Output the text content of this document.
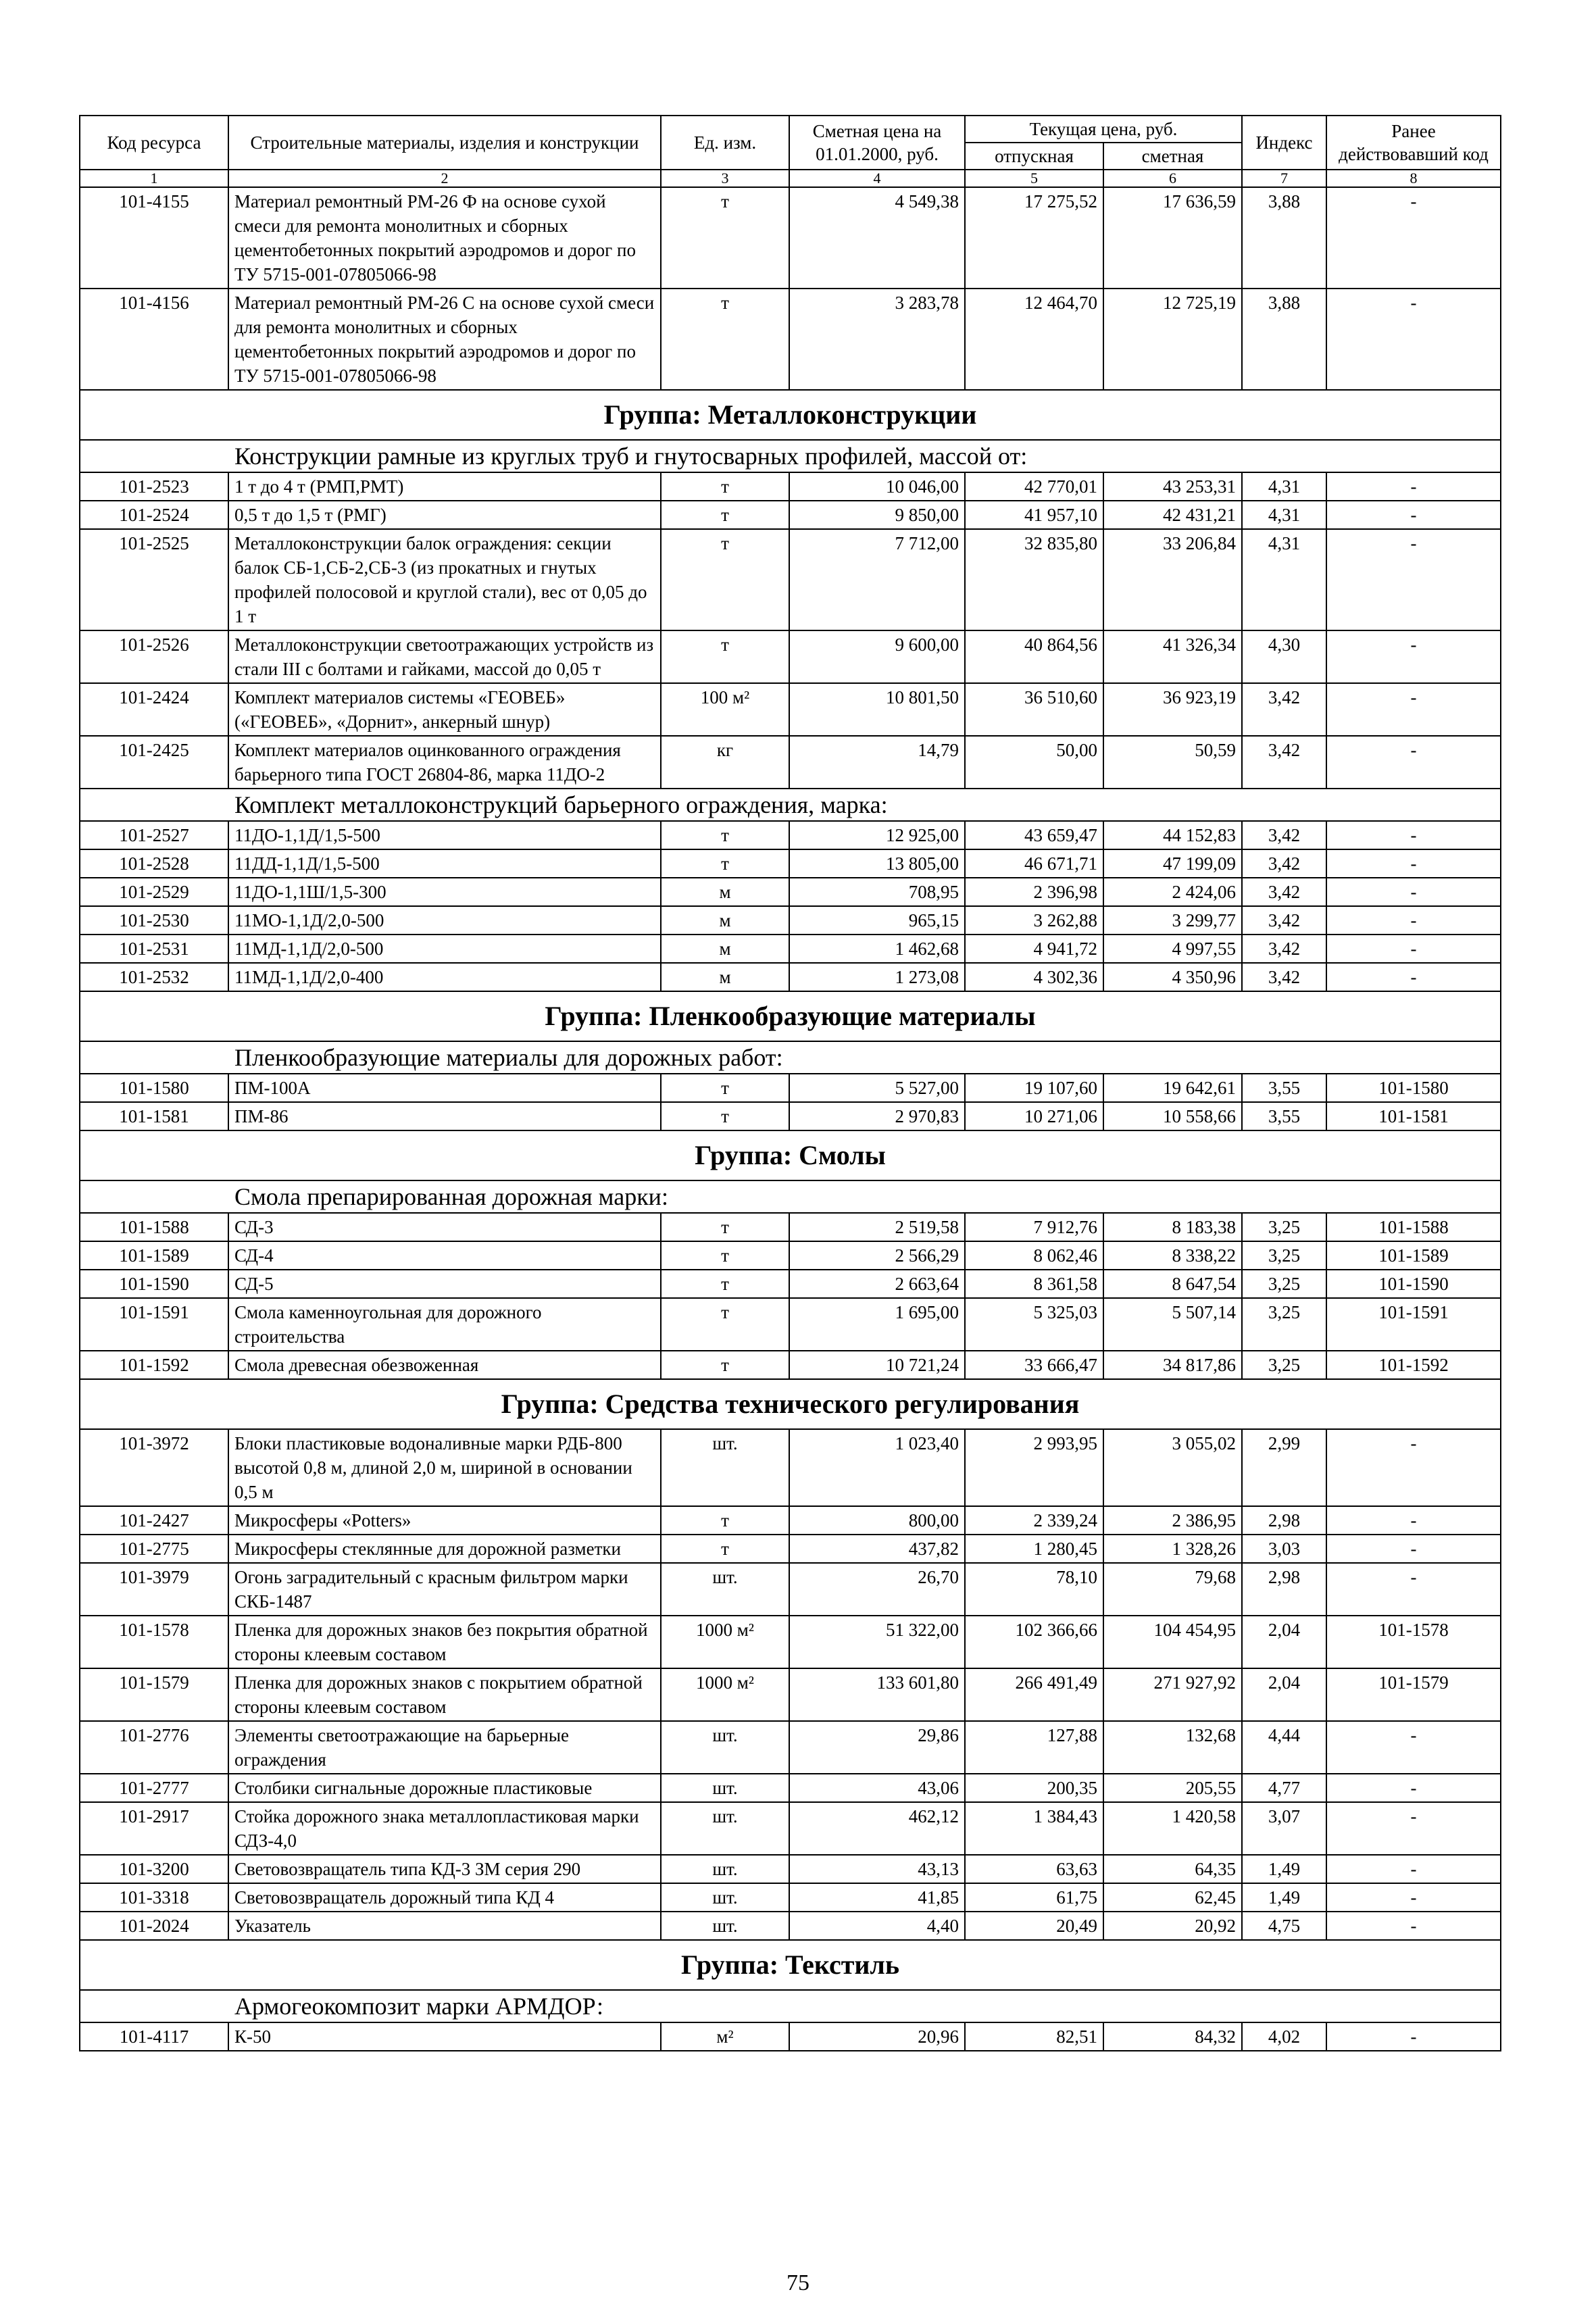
Код ресурса	Строительные материалы, изделия и конструкции	Ед. изм.	Сметная цена на 01.01.2000, руб.	Текущая цена, руб.		Индекс	Ранее действовавший код
				отпускная	сметная		
1	2	3	4	5	6	7	8
101-4155	Материал ремонтный РМ-26 Ф на основе сухой смеси для ремонта монолитных и сборных цементобетонных покрытий аэродромов и дорог по ТУ 5715-001-07805066-98	т	4 549,38	17 275,52	17 636,59	3,88	-
101-4156	Материал ремонтный РМ-26 С на основе сухой смеси для ремонта монолитных и сборных цементобетонных покрытий аэродромов и дорог по ТУ 5715-001-07805066-98	т	3 283,78	12 464,70	12 725,19	3,88	-
Группа: Металлоконструкции							
Конструкции рамные из круглых труб и гнутосварных профилей, массой от:							
101-2523	1 т до 4 т (РМП,РМТ)	т	10 046,00	42 770,01	43 253,31	4,31	-
101-2524	0,5 т до 1,5 т (РМГ)	т	9 850,00	41 957,10	42 431,21	4,31	-
101-2525	Металлоконструкции балок ограждения: секции балок СБ-1,СБ-2,СБ-3 (из прокатных и гнутых профилей полосовой и круглой стали), вес от 0,05 до 1 т	т	7 712,00	32 835,80	33 206,84	4,31	-
101-2526	Металлоконструкции светоотражающих устройств из стали III с болтами и гайками, массой до 0,05 т	т	9 600,00	40 864,56	41 326,34	4,30	-
101-2424	Комплект материалов системы «ГЕОВЕБ» («ГЕОВЕБ», «Дорнит», анкерный шнур)	100 м²	10 801,50	36 510,60	36 923,19	3,42	-
101-2425	Комплект материалов оцинкованного ограждения барьерного типа ГОСТ 26804-86, марка 11ДО-2	кг	14,79	50,00	50,59	3,42	-
Комплект металлоконструкций барьерного ограждения, марка:							
101-2527	11ДО-1,1Д/1,5-500	т	12 925,00	43 659,47	44 152,83	3,42	-
101-2528	11ДД-1,1Д/1,5-500	т	13 805,00	46 671,71	47 199,09	3,42	-
101-2529	11ДО-1,1Ш/1,5-300	м	708,95	2 396,98	2 424,06	3,42	-
101-2530	11МО-1,1Д/2,0-500	м	965,15	3 262,88	3 299,77	3,42	-
101-2531	11МД-1,1Д/2,0-500	м	1 462,68	4 941,72	4 997,55	3,42	-
101-2532	11МД-1,1Д/2,0-400	м	1 273,08	4 302,36	4 350,96	3,42	-
Группа: Пленкообразующие материалы							
Пленкообразующие материалы для дорожных работ:							
101-1580	ПМ-100А	т	5 527,00	19 107,60	19 642,61	3,55	101-1580
101-1581	ПМ-86	т	2 970,83	10 271,06	10 558,66	3,55	101-1581
Группа: Смолы							
Смола препарированная дорожная марки:							
101-1588	СД-3	т	2 519,58	7 912,76	8 183,38	3,25	101-1588
101-1589	СД-4	т	2 566,29	8 062,46	8 338,22	3,25	101-1589
101-1590	СД-5	т	2 663,64	8 361,58	8 647,54	3,25	101-1590
101-1591	Смола каменноугольная для дорожного строительства	т	1 695,00	5 325,03	5 507,14	3,25	101-1591
101-1592	Смола древесная обезвоженная	т	10 721,24	33 666,47	34 817,86	3,25	101-1592
Группа: Средства технического регулирования							
101-3972	Блоки пластиковые водоналивные марки РДБ-800 высотой 0,8 м, длиной 2,0 м, шириной в основании 0,5 м	шт.	1 023,40	2 993,95	3 055,02	2,99	-
101-2427	Микросферы «Potters»	т	800,00	2 339,24	2 386,95	2,98	-
101-2775	Микросферы стеклянные для дорожной разметки	т	437,82	1 280,45	1 328,26	3,03	-
101-3979	Огонь заградительный с красным фильтром марки СКБ-1487	шт.	26,70	78,10	79,68	2,98	-
101-1578	Пленка для дорожных знаков без покрытия обратной стороны клеевым составом	1000 м²	51 322,00	102 366,66	104 454,95	2,04	101-1578
101-1579	Пленка для дорожных знаков с покрытием обратной стороны клеевым составом	1000 м²	133 601,80	266 491,49	271 927,92	2,04	101-1579
101-2776	Элементы светоотражающие на барьерные ограждения	шт.	29,86	127,88	132,68	4,44	-
101-2777	Столбики сигнальные дорожные пластиковые	шт.	43,06	200,35	205,55	4,77	-
101-2917	Стойка дорожного знака металлопластиковая марки СДЗ-4,0	шт.	462,12	1 384,43	1 420,58	3,07	-
101-3200	Световозвращатель типа КД-3 ЗМ серия 290	шт.	43,13	63,63	64,35	1,49	-
101-3318	Световозвращатель дорожный типа КД 4	шт.	41,85	61,75	62,45	1,49	-
101-2024	Указатель	шт.	4,40	20,49	20,92	4,75	-
Группа: Текстиль							
Армогеокомпозит марки АРМДОР:							
101-4117	К-50	м²	20,96	82,51	84,32	4,02	-
75
